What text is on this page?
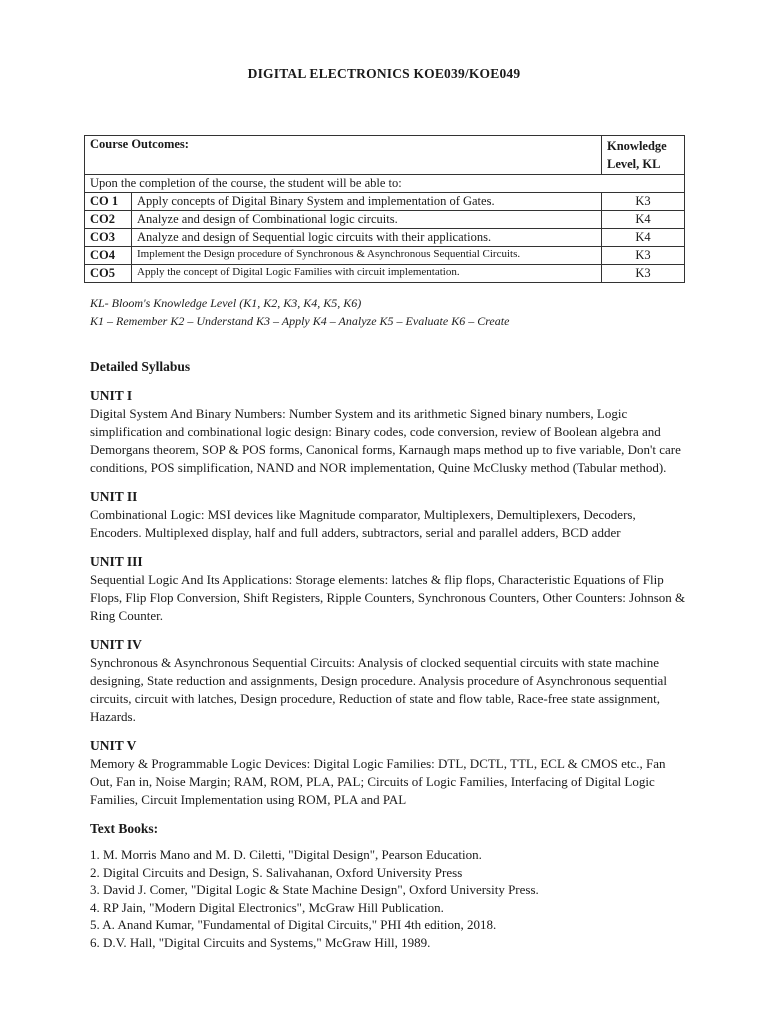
DIGITAL ELECTRONICS KOE039/KOE049
Course Outcomes:		Knowledge Level, KL
Upon the completion of the course, the student will be able to:		
CO 1	Apply concepts of Digital Binary System and implementation of Gates.	K3
CO2	Analyze and design of Combinational logic circuits.	K4
CO3	Analyze and design of Sequential logic circuits with their applications.	K4
CO4	Implement the Design procedure of Synchronous & Asynchronous Sequential Circuits.	K3
CO5	Apply the concept of Digital Logic Families with circuit implementation.	K3
KL- Bloom's Knowledge Level (K1, K2, K3, K4, K5, K6)
K1 – Remember K2 – Understand K3 – Apply K4 – Analyze K5 – Evaluate K6 – Create

Detailed Syllabus

UNIT I

Digital System And Binary Numbers: Number System and its arithmetic Signed binary numbers, Logic simplification and combinational logic design: Binary codes, code conversion, review of Boolean algebra and Demorgans theorem, SOP & POS forms, Canonical forms, Karnaugh maps method up to five variable, Don't care conditions, POS simplification, NAND and NOR implementation, Quine McClusky method (Tabular method).

UNIT II

Combinational Logic: MSI devices like Magnitude comparator, Multiplexers, Demultiplexers, Decoders, Encoders. Multiplexed display, half and full adders, subtractors, serial and parallel adders, BCD adder

UNIT III

Sequential Logic And Its Applications: Storage elements: latches & flip flops, Characteristic Equations of Flip Flops, Flip Flop Conversion, Shift Registers, Ripple Counters, Synchronous Counters, Other Counters: Johnson & Ring Counter.

UNIT IV

Synchronous & Asynchronous Sequential Circuits: Analysis of clocked sequential circuits with state machine designing, State reduction and assignments, Design procedure. Analysis procedure of Asynchronous sequential circuits, circuit with latches, Design procedure, Reduction of state and flow table, Race-free state assignment, Hazards.

UNIT V

Memory & Programmable Logic Devices: Digital Logic Families: DTL, DCTL, TTL, ECL & CMOS etc., Fan Out, Fan in, Noise Margin; RAM, ROM, PLA, PAL; Circuits of Logic Families, Interfacing of Digital Logic Families, Circuit Implementation using ROM, PLA and PAL

Text Books:

1. M. Morris Mano and M. D. Ciletti, "Digital Design", Pearson Education.
2. Digital Circuits and Design, S. Salivahanan, Oxford University Press
3. David J. Comer, "Digital Logic & State Machine Design", Oxford University Press.
4. RP Jain, "Modern Digital Electronics", McGraw Hill Publication.
5. A. Anand Kumar, "Fundamental of Digital Circuits," PHI 4th edition, 2018.
6. D.V. Hall, "Digital Circuits and Systems," McGraw Hill, 1989.
